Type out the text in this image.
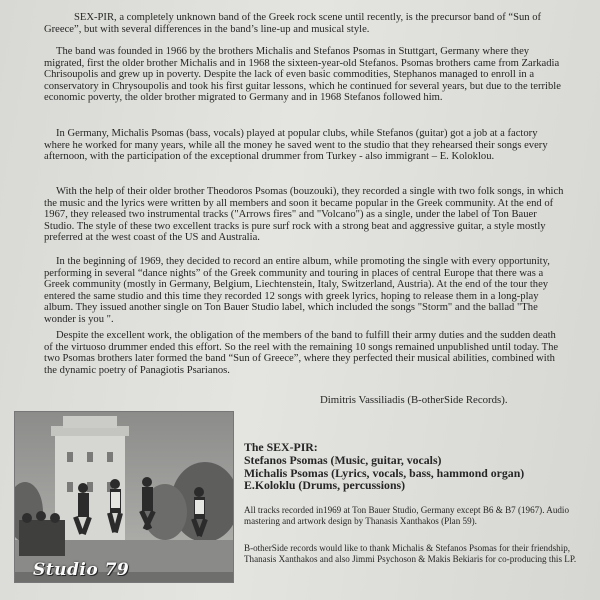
SEX-PIR, a completely unknown band of the Greek rock scene until recently, is the precursor band of “Sun of Greece”, but with several differences in the band’s line-up and musical style.

The band was founded in 1966 by the brothers Michalis and Stefanos Psomas in Stuttgart, Germany where they migrated, first the older brother Michalis and in 1968 the sixteen-year-old Stefanos. Psomas brothers came from Zarkadia Chrisoupolis and grew up in poverty. Despite the lack of even basic commodities, Stephanos managed to enroll in a conservatory in Chrysoupolis and took his first guitar lessons, which he continued for several years, but due to the terrible economic poverty, the older brother migrated to Germany and in 1968 Stefanos followed him.

In Germany, Michalis Psomas (bass, vocals) played at popular clubs, while Stefanos (guitar) got a job at a factory where he worked for many years, while all the money he saved went to the studio that they rehearsed their songs every afternoon, with the participation of the exceptional drummer from Turkey - also immigrant – E. Koloklou.

With the help of their older brother Theodoros Psomas (bouzouki), they recorded a single with two folk songs, in which the music and the lyrics were written by all members and soon it became popular in the Greek community. At the end of 1967, they released two instrumental tracks ("Arrows fires" and "Volcano") as a single, under the label of Ton Bauer Studio. The style of these two excellent tracks is pure surf rock with a strong beat and aggressive guitar, a style mostly preferred at the west coast of the US and Australia.

In the beginning of 1969, they decided to record an entire album, while promoting the single with every opportunity, performing in several “dance nights” of the Greek community and touring in places of central Europe that there was a Greek community (mostly in Germany, Belgium, Liechtenstein, Italy, Switzerland, Austria). At the end of the tour they entered the same studio and this time they recorded 12 songs with greek lyrics, hoping to release them in a long-play album. They issued another single on Ton Bauer Studio label, which included the songs "Storm" and the ballad "The wonder is you ".

Despite the excellent work, the obligation of the members of the band to fulfill their army duties and the sudden death of the virtuoso drummer ended this effort. So the reel with the remaining 10 songs remained unpublished until today. The two Psomas brothers later formed the band “Sun of Greece”, where they perfected their musical abilities, combined with the dynamic poetry of Panagiotis Psarianos.

Dimitris Vassiliadis (B-otherSide Records).
Studio 79
The SEX-PIR:
Stefanos Psomas (Music, guitar, vocals)
Michalis Psomas (Lyrics, vocals, bass, hammond organ)
E.Koloklu (Drums, percussions)

All tracks recorded in1969 at Ton Bauer Studio, Germany except B6 & B7 (1967). Audio mastering and artwork design by Thanasis Xanthakos (Plan 59).

B-otherSide records would like to thank Michalis & Stefanos Psomas for their friendship, Thanasis Xanthakos and also Jimmi Psychoson & Makis Bekiaris for co-producing this LP.
